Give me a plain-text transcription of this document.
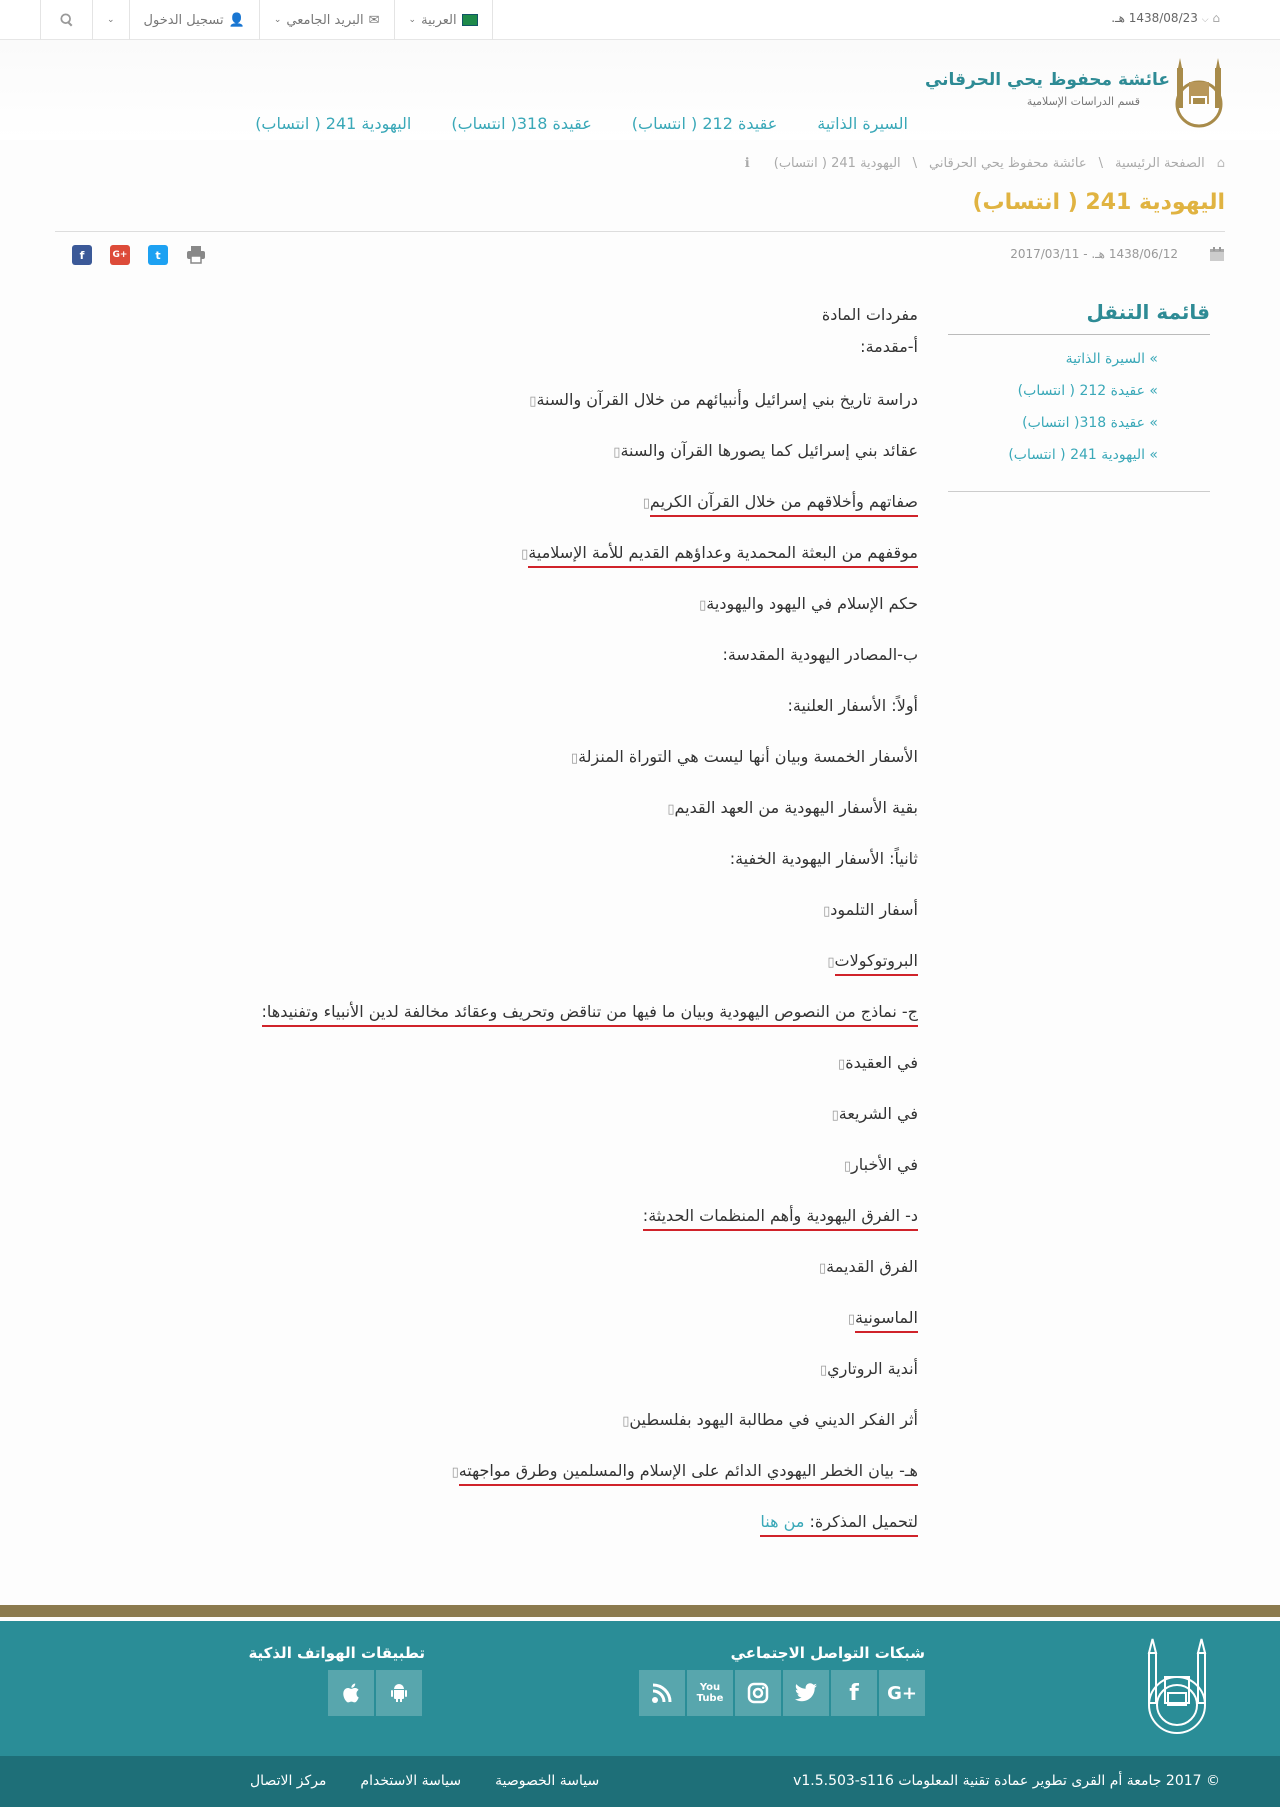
⌂ ⌵ 1438/08/23 هـ.
⌄	👤
تسجيل الدخول	✉
البريد الجامعي
⌄	العربية
⌄
عائشة محفوظ يحي الحرقاني
قسم الدراسات الإسلامية
السيرة الذاتية
عقيدة 212 ( انتساب)
عقيدة 318( انتساب)
اليهودية 241 ( انتساب)
⌂
الصفحة الرئيسية
\
عائشة محفوظ يحي الحرقاني
\
اليهودية 241 ( انتساب)
ℹ
اليهودية 241 ( انتساب)
1438/06/12 هـ. - 2017/03/11
f	G+	t
قائمة التنقل
» السيرة الذاتية
» عقيدة 212 ( انتساب)
» عقيدة 318( انتساب)
» اليهودية 241 ( انتساب)
مفردات المادة
أ-مقدمة:
دراسة تاريخ بني إسرائيل وأنبيائهم من خلال القرآن والسنة▯
عقائد بني إسرائيل كما يصورها القرآن والسنة▯
صفاتهم وأخلاقهم من خلال القرآن الكريم▯
موقفهم من البعثة المحمدية وعداؤهم القديم للأمة الإسلامية▯
حكم الإسلام في اليهود واليهودية▯
ب-المصادر اليهودية المقدسة:
أولاً: الأسفار العلنية:
الأسفار الخمسة وبيان أنها ليست هي التوراة المنزلة▯
بقية الأسفار اليهودية من العهد القديم▯
ثانياً: الأسفار اليهودية الخفية:
أسفار التلمود▯
البروتوكولات▯
ج- نماذج من النصوص اليهودية وبيان ما فيها من تناقض وتحريف وعقائد مخالفة لدين الأنبياء وتفنيدها:
في العقيدة▯
في الشريعة▯
في الأخبار▯
د- الفرق اليهودية وأهم المنظمات الحديثة:
الفرق القديمة▯
الماسونية▯
أندية الروتاري▯
أثر الفكر الديني في مطالبة اليهود بفلسطين▯
هـ- بيان الخطر اليهودي الدائم على الإسلام والمسلمين وطرق مواجهته▯
لتحميل المذكرة: من هنا
شبكات التواصل الاجتماعي
You
Tube	f	G+
تطبيقات الهواتف الذكية
© 2017 جامعة أم القرى تطوير عمادة تقنية المعلومات v1.5.503-s116
سياسة الخصوصية
سياسة الاستخدام
مركز الاتصال
